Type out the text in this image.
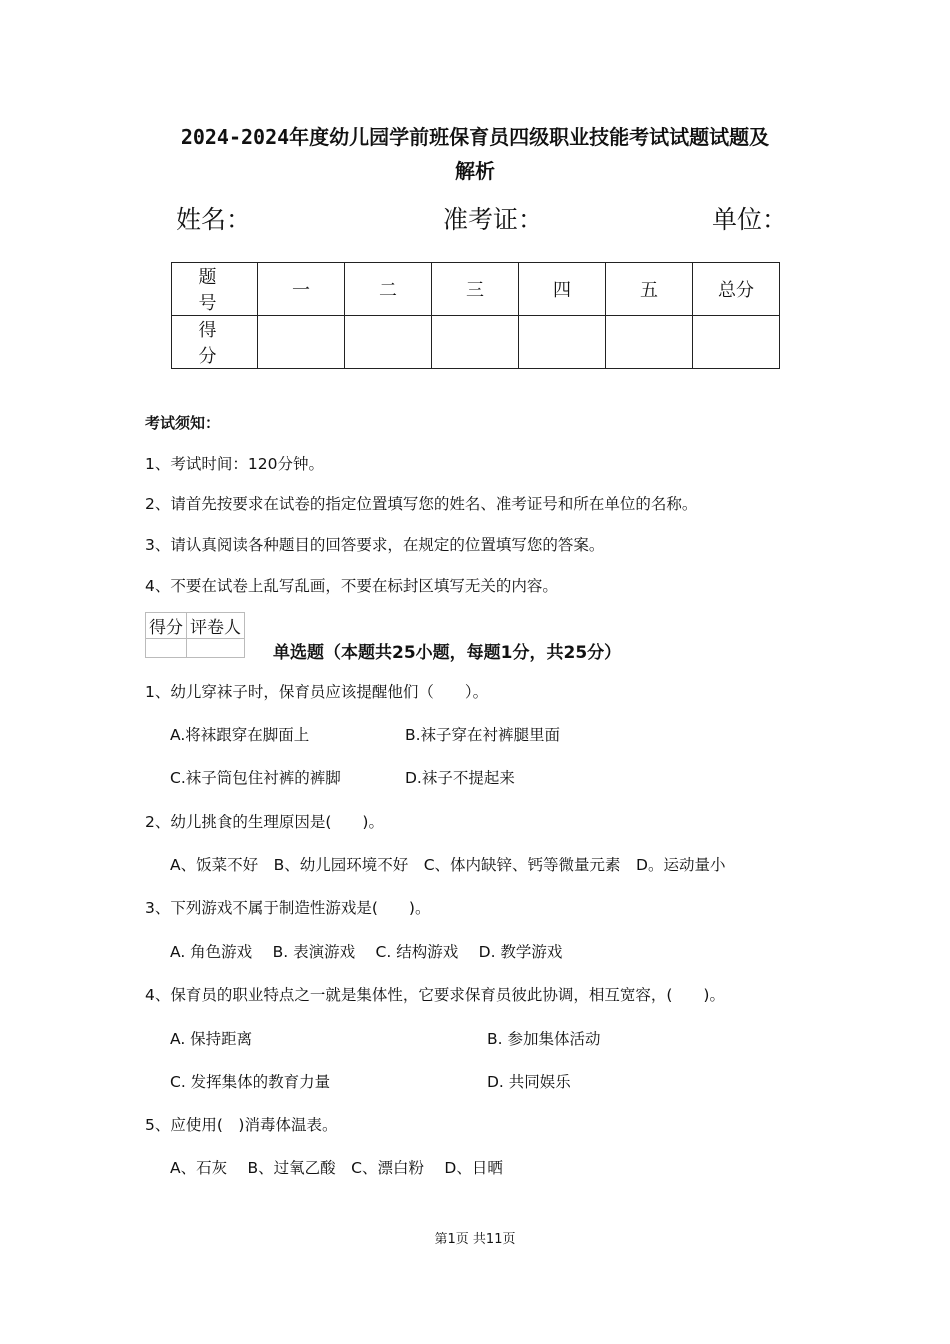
2024-2024年度幼儿园学前班保育员四级职业技能考试试题试题及
解析
姓名：	准考证：	单位：
题　号	一	二	三	四	五	总分
得　分						
考试须知：
1、考试时间：120分钟。
2、请首先按要求在试卷的指定位置填写您的姓名、准考证号和所在单位的名称。
3、请认真阅读各种题目的回答要求，在规定的位置填写您的答案。
4、不要在试卷上乱写乱画，不要在标封区填写无关的内容。
得分	评卷人

单选题（本题共25小题，每题1分，共25分）
1、幼儿穿袜子时，保育员应该提醒他们（　　）。
A.将袜跟穿在脚面上	B.袜子穿在衬裤腿里面
C.袜子筒包住衬裤的裤脚	D.袜子不提起来
2、幼儿挑食的生理原因是(　　)。
A、饭菜不好　B、幼儿园环境不好　C、体内缺锌、钙等微量元素　D。运动量小
3、下列游戏不属于制造性游戏是(　　)。
A. 角色游戏　 B. 表演游戏　 C. 结构游戏　 D. 教学游戏
4、保育员的职业特点之一就是集体性，它要求保育员彼此协调，相互宽容，(　　)。
A. 保持距离	B. 参加集体活动
C. 发挥集体的教育力量	D. 共同娱乐
5、应使用(　)消毒体温表。
A、石灰　 B、过氧乙酸　C、漂白粉　 D、日晒
第1页 共11页
